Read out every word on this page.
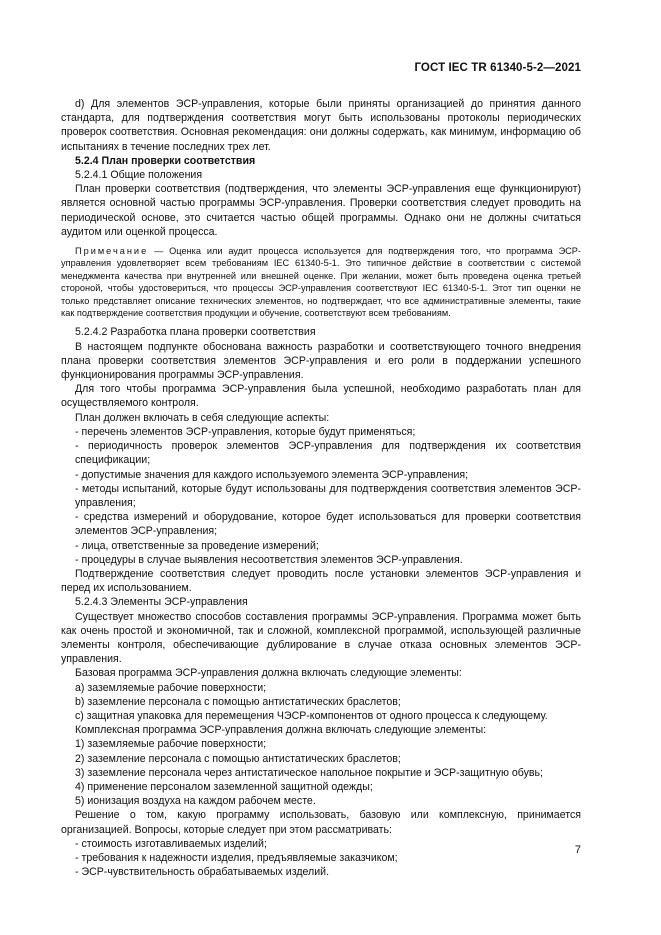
ГОСТ IEC TR 61340-5-2—2021

d) Для элементов ЭСР-управления, которые были приняты организацией до принятия данного стандарта, для подтверждения соответствия могут быть использованы протоколы периодических проверок соответствия. Основная рекомендация: они должны содержать, как минимум, информацию об испытаниях в течение последних трех лет.

5.2.4 План проверки соответствия

5.2.4.1 Общие положения

План проверки соответствия (подтверждения, что элементы ЭСР-управления еще функционируют) является основной частью программы ЭСР-управления. Проверки соответствия следует проводить на периодической основе, это считается частью общей программы. Однако они не должны считаться аудитом или оценкой процесса.

Примечание — Оценка или аудит процесса используется для подтверждения того, что программа ЭСР-управления удовлетворяет всем требованиям IEC 61340-5-1. Это типичное действие в соответствии с системой менеджмента качества при внутренней или внешней оценке. При желании, может быть проведена оценка третьей стороной, чтобы удостовериться, что процессы ЭСР-управления соответствуют IEC 61340-5-1. Этот тип оценки не только представляет описание технических элементов, но подтверждает, что все административные элементы, такие как подтверждение соответствия продукции и обучение, соответствуют всем требованиям.

5.2.4.2 Разработка плана проверки соответствия

В настоящем подпункте обоснована важность разработки и соответствующего точного внедрения плана проверки соответствия элементов ЭСР-управления и его роли в поддержании успешного функционирования программы ЭСР-управления.

Для того чтобы программа ЭСР-управления была успешной, необходимо разработать план для осуществляемого контроля.

План должен включать в себя следующие аспекты:

- перечень элементов ЭСР-управления, которые будут применяться;

- периодичность проверок элементов ЭСР-управления для подтверждения их соответствия спецификации;

- допустимые значения для каждого используемого элемента ЭСР-управления;

- методы испытаний, которые будут использованы для подтверждения соответствия элементов ЭСР-управления;

- средства измерений и оборудование, которое будет использоваться для проверки соответствия элементов ЭСР-управления;

- лица, ответственные за проведение измерений;

- процедуры в случае выявления несоответствия элементов ЭСР-управления.

Подтверждение соответствия следует проводить после установки элементов ЭСР-управления и перед их использованием.

5.2.4.3 Элементы ЭСР-управления

Существует множество способов составления программы ЭСР-управления. Программа может быть как очень простой и экономичной, так и сложной, комплексной программой, использующей различные элементы контроля, обеспечивающие дублирование в случае отказа основных элементов ЭСР-управления.

Базовая программа ЭСР-управления должна включать следующие элементы:

a) заземляемые рабочие поверхности;

b) заземление персонала с помощью антистатических браслетов;

c) защитная упаковка для перемещения ЧЭСР-компонентов от одного процесса к следующему.

Комплексная программа ЭСР-управления должна включать следующие элементы:

1) заземляемые рабочие поверхности;

2) заземление персонала с помощью антистатических браслетов;

3) заземление персонала через антистатическое напольное покрытие и ЭСР-защитную обувь;

4) применение персоналом заземленной защитной одежды;

5) ионизация воздуха на каждом рабочем месте.

Решение о том, какую программу использовать, базовую или комплексную, принимается организацией. Вопросы, которые следует при этом рассматривать:

- стоимость изготавливаемых изделий;

- требования к надежности изделия, предъявляемые заказчиком;

- ЭСР-чувствительность обрабатываемых изделий.

7
